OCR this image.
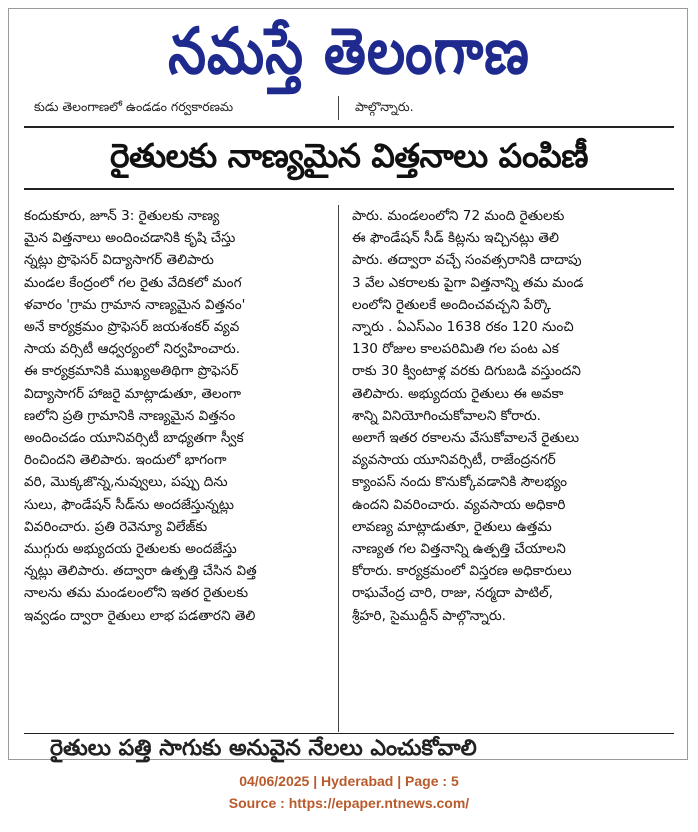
నమస్తే తెలంగాణ
కుడు తెలంగాణలో ఉండడం గర్వకారణమ	పాల్గొన్నారు.
రైతులకు నాణ్యమైన విత్తనాలు పంపిణీ

కందుకూరు, జూన్ 3: రైతులకు నాణ్య

మైన విత్తనాలు అందించడానికి కృషి చేస్తు

న్నట్లు ప్రొఫెసర్ విద్యాసాగర్ తెలిపారు

మండల కేంద్రంలో గల రైతు వేదికలో మంగ

ళవారం 'గ్రామ గ్రామాన నాణ్యమైన విత్తనం'

అనే కార్యక్రమం ప్రొఫెసర్ జయశంకర్ వ్యవ

సాయ వర్సిటీ ఆధ్వర్యంలో నిర్వహించారు.

ఈ కార్యక్రమానికి ముఖ్యఅతిథిగా ప్రొఫెసర్

విద్యాసాగర్ హాజరై మాట్లాడుతూ, తెలంగా

ణలోని ప్రతి గ్రామానికి నాణ్యమైన విత్తనం

అందించడం యూనివర్సిటీ బాధ్యతగా స్వీక

రించిందని తెలిపారు. ఇందులో భాగంగా

వరి, మొక్కజొన్న,నువ్వులు, పప్పు దిను

సులు, ఫౌండేషన్ సీడ్‌ను అందజేస్తున్నట్లు

వివరించారు. ప్రతి రెవెన్యూ విలేజ్‌కు

ముగ్గురు అభ్యుదయ రైతులకు అందజేస్తు

న్నట్లు తెలిపారు. తద్వారా ఉత్పత్తి చేసిన విత్త

నాలను తమ మండలంలోని ఇతర రైతులకు

ఇవ్వడం ద్వారా రైతులు లాభ పడతారని తెలి

పారు. మండలంలోని 72 మంది రైతులకు

ఈ ఫౌండేషన్ సీడ్ కిట్లను ఇచ్చినట్లు తెలి

పారు. తద్వారా వచ్చే సంవత్సరానికి దాదాపు

3 వేల ఎకరాలకు పైగా విత్తనాన్ని తమ మండ

లంలోని రైతులకే అందించవచ్చని పేర్కొ

న్నారు . ఏఎస్ఎం 1638 రకం 120 నుంచి

130 రోజుల కాలపరిమితి గల పంట ఎక

రాకు 30 క్వింటాళ్ల వరకు దిగుబడి వస్తుందని

తెలిపారు. అభ్యుదయ రైతులు ఈ అవకా

శాన్ని వినియోగించుకోవాలని కోరారు.

అలాగే ఇతర రకాలను వేసుకోవాలనే రైతులు

వ్యవసాయ యూనివర్సిటీ, రాజేంద్రనగర్

క్యాంపస్ నందు కొనుక్కోవడానికి సౌలభ్యం

ఉందని వివరించారు. వ్యవసాయ అధికారి

లావణ్య మాట్లాడుతూ, రైతులు ఉత్తమ

నాణ్యత గల విత్తనాన్ని ఉత్పత్తి చేయాలని

కోరారు. కార్యక్రమంలో విస్తరణ అధికారులు

రాఘవేంద్ర చారి, రాజు, నర్మదా పాటిల్,

శ్రీహరి, సైముద్దీన్ పాల్గొన్నారు.

రైతులు పత్తి సాగుకు అనువైన నేలలు ఎంచుకోవాలి
04/06/2025 | Hyderabad | Page : 5
Source : https://epaper.ntnews.com/
